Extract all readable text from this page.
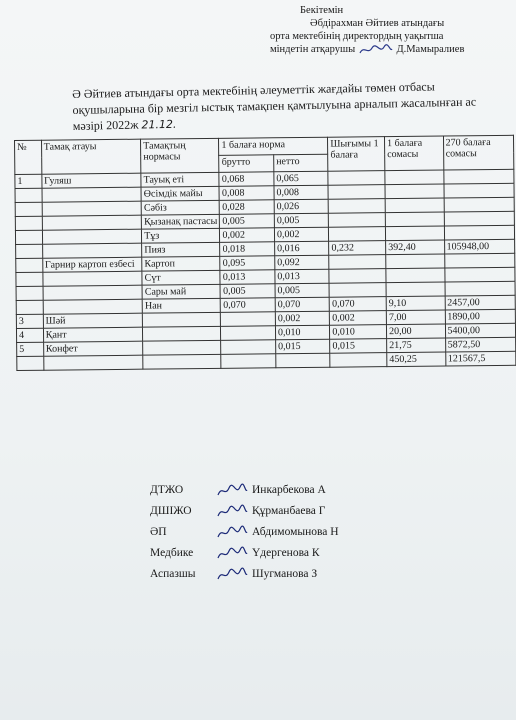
Бекітемін
Әбдірахман Әйтиев атындағы
орта мектебінің директордың уақытша
міндетін атқарушы	Д.Мамыралиев
Ә Әйтиев атындағы орта мектебінің әлеуметтік жағдайы төмен отбасы оқушыларына бір мезгіл ыстық тамақпен қамтылуына арналып жасалынған ас мәзірі 2022ж 21.12.
№	Тамақ атауы	Тамақтың нормасы	1 балаға норма		Шығымы 1 балаға	1 балаға сомасы	270 балаға сомасы
			брутто	нетто			
1	Гуляш	Тауық еті	0,068	0,065			
		Өсімдік майы	0,008	0,008			
		Сәбіз	0,028	0,026			
		Қызанақ пастасы	0,005	0,005			
		Тұз	0,002	0,002			
		Пияз	0,018	0,016	0,232	392,40	105948,00
	Гарнир картоп езбесі	Картоп	0,095	0,092			
		Сүт	0,013	0,013			
		Сары май	0,005	0,005			
		Нан	0,070	0,070	0,070	9,10	2457,00
3	Шәй			0,002	0,002	7,00	1890,00
4	Қант			0,010	0,010	20,00	5400,00
5	Конфет			0,015	0,015	21,75	5872,50
						450,25	121567,5
ДТЖО	Инкарбекова А
ДШІЖО	Құрманбаева Г
ӘП	Абдимомынова Н
Медбике	Үдергенова К
Аспазшы	Шугманова З
